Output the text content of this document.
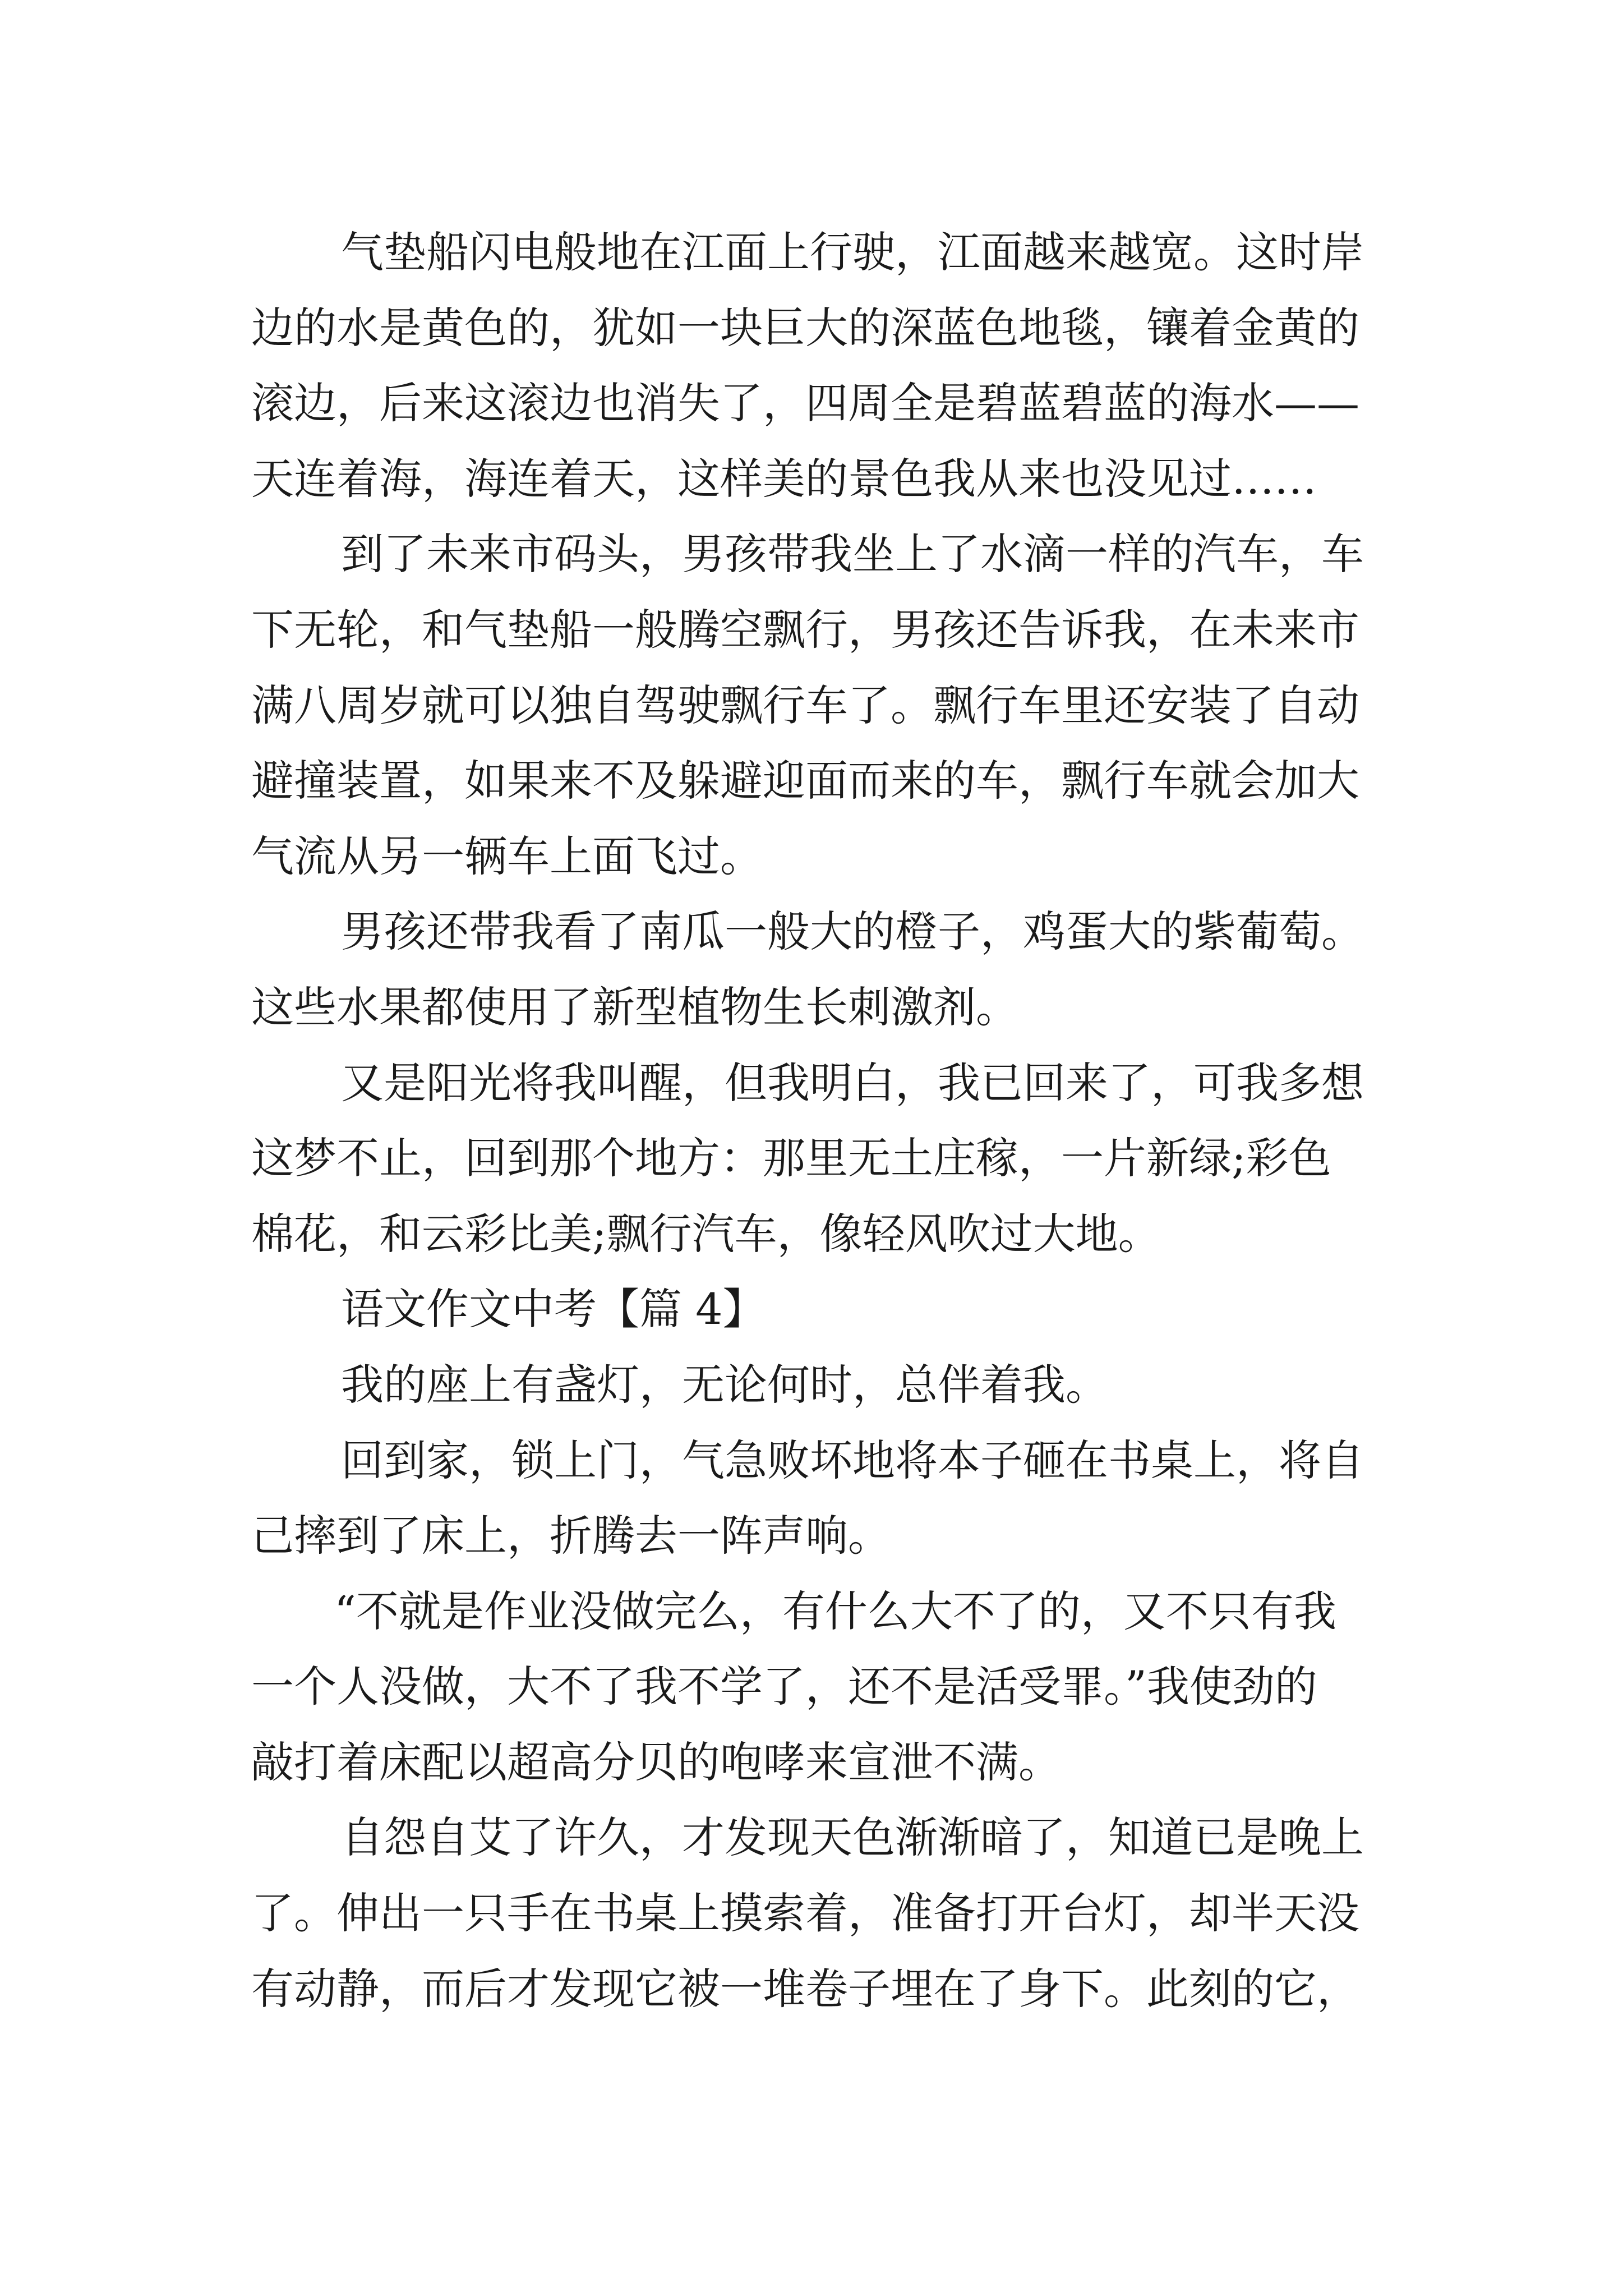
气垫船闪电般地在江面上行驶，江面越来越宽。这时岸
边的水是黄色的，犹如一块巨大的深蓝色地毯，镶着金黄的
滚边，后来这滚边也消失了，四周全是碧蓝碧蓝的海水——
天连着海，海连着天，这样美的景色我从来也没见过……
到了未来市码头，男孩带我坐上了水滴一样的汽车，车
下无轮，和气垫船一般腾空飘行，男孩还告诉我，在未来市
满八周岁就可以独自驾驶飘行车了。飘行车里还安装了自动
避撞装置，如果来不及躲避迎面而来的车，飘行车就会加大
气流从另一辆车上面飞过。
男孩还带我看了南瓜一般大的橙子，鸡蛋大的紫葡萄。
这些水果都使用了新型植物生长刺激剂。
又是阳光将我叫醒，但我明白，我已回来了，可我多想
这梦不止，回到那个地方：那里无土庄稼，一片新绿;彩色
棉花，和云彩比美;飘行汽车，像轻风吹过大地。
语文作文中考【篇 4】
我的座上有盏灯，无论何时，总伴着我。
回到家，锁上门，气急败坏地将本子砸在书桌上，将自
己摔到了床上，折腾去一阵声响。
“不就是作业没做完么，有什么大不了的，又不只有我
一个人没做，大不了我不学了，还不是活受罪。”我使劲的
敲打着床配以超高分贝的咆哮来宣泄不满。
自怨自艾了许久，才发现天色渐渐暗了，知道已是晚上
了。伸出一只手在书桌上摸索着，准备打开台灯，却半天没
有动静，而后才发现它被一堆卷子埋在了身下。此刻的它，
